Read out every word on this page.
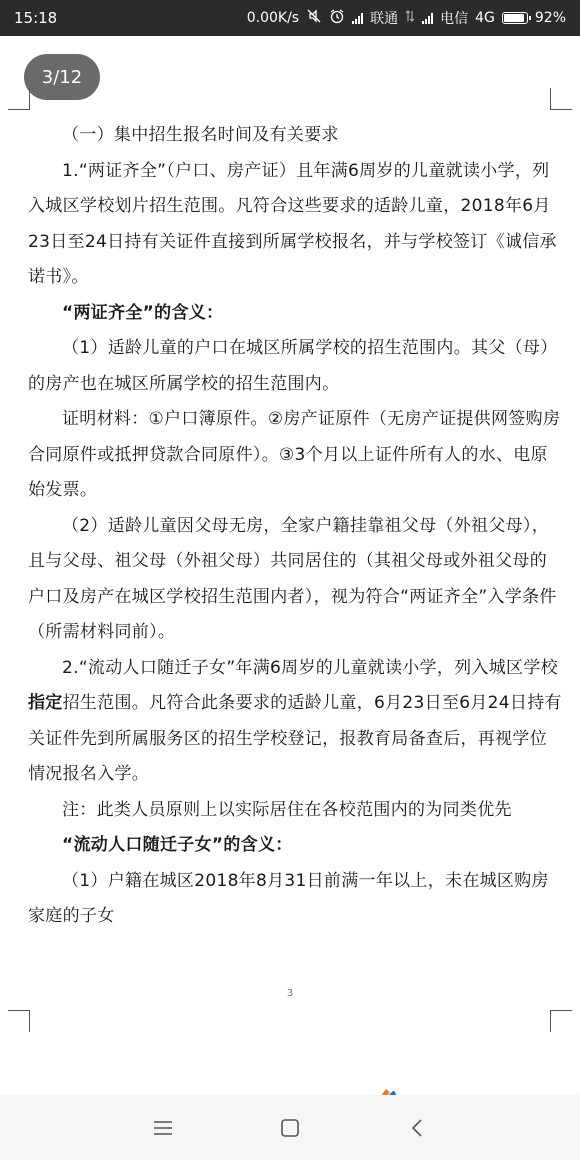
15:18	0.00K/s	联通	电信 4G	92%
3/12

（一）集中招生报名时间及有关要求

1.“两证齐全”（户口、房产证）且年满6周岁的儿童就读小学，列入城区学校划片招生范围。凡符合这些要求的适龄儿童，2018年6月23日至24日持有关证件直接到所属学校报名，并与学校签订《诚信承诺书》。

“两证齐全”的含义：

（1）适龄儿童的户口在城区所属学校的招生范围内。其父（母）的房产也在城区所属学校的招生范围内。

证明材料：①户口簿原件。②房产证原件（无房产证提供网签购房合同原件或抵押贷款合同原件）。③3个月以上证件所有人的水、电原始发票。

（2）适龄儿童因父母无房，全家户籍挂靠祖父母（外祖父母），且与父母、祖父母（外祖父母）共同居住的（其祖父母或外祖父母的户口及房产在城区学校招生范围内者），视为符合“两证齐全”入学条件（所需材料同前）。

2.“流动人口随迁子女”年满6周岁的儿童就读小学，列入城区学校指定招生范围。凡符合此条要求的适龄儿童，6月23日至6月24日持有关证件先到所属服务区的招生学校登记，报教育局备查后，再视学位情况报名入学。

注：此类人员原则上以实际居住在各校范围内的为同类优先

“流动人口随迁子女”的含义：

（1）户籍在城区2018年8月31日前满一年以上，未在城区购房家庭的子女

3
